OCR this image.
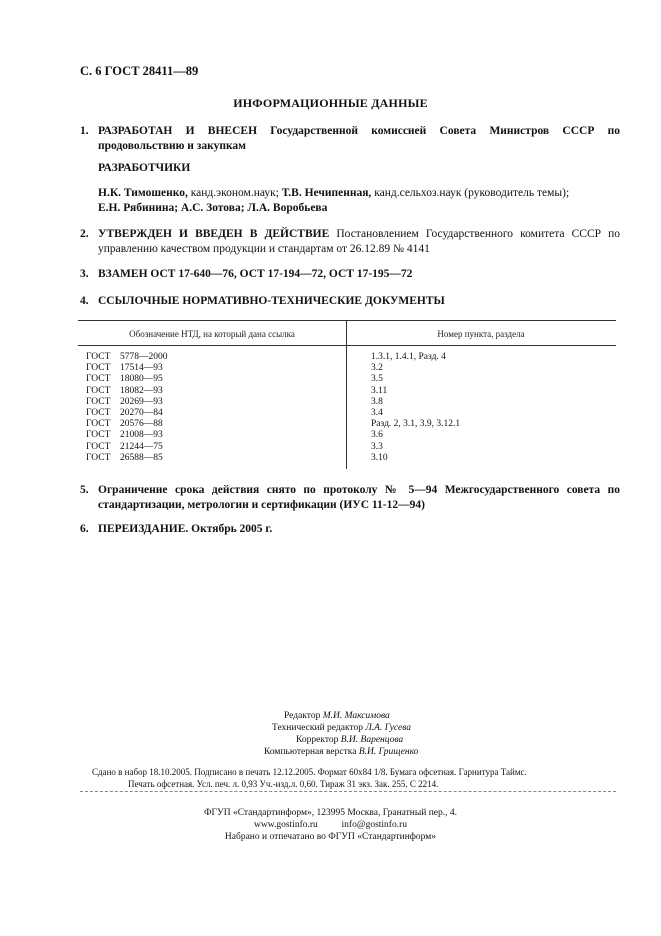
С. 6 ГОСТ 28411—89
ИНФОРМАЦИОННЫЕ ДАННЫЕ
1. РАЗРАБОТАН И ВНЕСЕН Государственной комиссией Совета Министров СССР по продовольствию и закупкам
РАЗРАБОТЧИКИ
Н.К. Тимошенко, канд.эконом.наук; Т.В. Нечипенная, канд.сельхоз.наук (руководитель темы);
Е.Н. Рябинина; А.С. Зотова; Л.А. Воробьева
2. УТВЕРЖДЕН И ВВЕДЕН В ДЕЙСТВИЕ Постановлением Государственного комитета СССР по управлению качеством продукции и стандартам от 26.12.89 № 4141
3. ВЗАМЕН ОСТ 17-640—76, ОСТ 17-194—72, ОСТ 17-195—72
4. ССЫЛОЧНЫЕ НОРМАТИВНО-ТЕХНИЧЕСКИЕ ДОКУМЕНТЫ
Обозначение НТД, на который дана ссылка	Номер пункта, раздела
ГОСТ 5778—2000
ГОСТ 17514—93
ГОСТ 18080—95
ГОСТ 18082—93
ГОСТ 20269—93
ГОСТ 20270—84
ГОСТ 20576—88
ГОСТ 21008—93
ГОСТ 21244—75
ГОСТ 26588—85
1.3.1, 1.4.1, Разд. 4
3.2
3.5
3.11
3.8
3.4
Разд. 2, 3.1, 3.9, 3.12.1
3.6
3.3
3.10
5. Ограничение срока действия снято по протоколу № 5—94 Межгосударственного совета по стандартизации, метрологии и сертификации (ИУС 11-12—94)
6. ПЕРЕИЗДАНИЕ. Октябрь 2005 г.
Редактор М.И. Максимова
Технический редактор Л.А. Гусева
Корректор В.И. Варенцова
Компьютерная верстка В.И. Грищенко
Сдано в набор 18.10.2005. Подписано в печать 12.12.2005. Формат 60x84 1/8. Бумага офсетная. Гарнитура Таймс.
Печать офсетная. Усл. печ. л. 0,93 Уч.-изд.л. 0,60. Тираж 31 экз. Зак. 255. С 2214.
ФГУП «Стандартинформ», 123995 Москва, Гранатный пер., 4.
www.gostinfo.ru          info@gostinfo.ru
Набрано и отпечатано во ФГУП «Стандартинформ»
